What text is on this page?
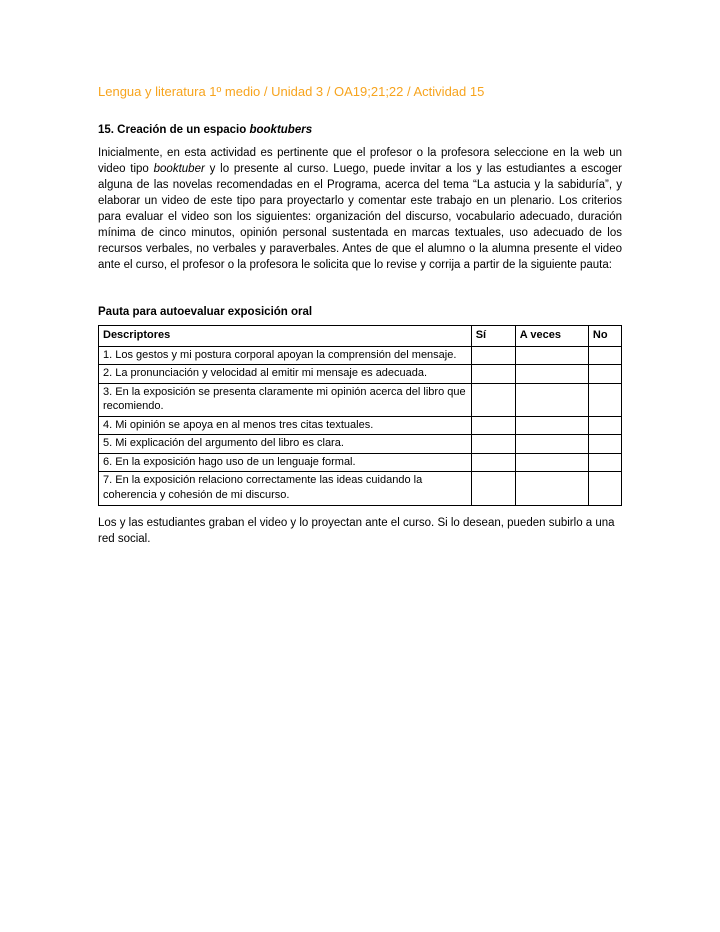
Lengua y literatura 1º medio / Unidad 3 / OA19;21;22 / Actividad 15
15. Creación de un espacio booktubers

Inicialmente, en esta actividad es pertinente que el profesor o la profesora seleccione en la web un video tipo booktuber y lo presente al curso. Luego, puede invitar a los y las estudiantes a escoger alguna de las novelas recomendadas en el Programa, acerca del tema “La astucia y la sabiduría”, y elaborar un video de este tipo para proyectarlo y comentar este trabajo en un plenario. Los criterios para evaluar el video son los siguientes: organización del discurso, vocabulario adecuado, duración mínima de cinco minutos, opinión personal sustentada en marcas textuales, uso adecuado de los recursos verbales, no verbales y paraverbales. Antes de que el alumno o la alumna presente el video ante el curso, el profesor o la profesora le solicita que lo revise y corrija a partir de la siguiente pauta:

Pauta para autoevaluar exposición oral
Descriptores	Sí	A veces	No
1. Los gestos y mi postura corporal apoyan la comprensión del mensaje.			
2. La pronunciación y velocidad al emitir mi mensaje es adecuada.			
3. En la exposición se presenta claramente mi opinión acerca del libro que recomiendo.			
4. Mi opinión se apoya en al menos tres citas textuales.			
5. Mi explicación del argumento del libro es clara.			
6. En la exposición hago uso de un lenguaje formal.			
7. En la exposición relaciono correctamente las ideas cuidando la coherencia y cohesión de mi discurso.			

Los y las estudiantes graban el video y lo proyectan ante el curso. Si lo desean, pueden subirlo a una red social.
